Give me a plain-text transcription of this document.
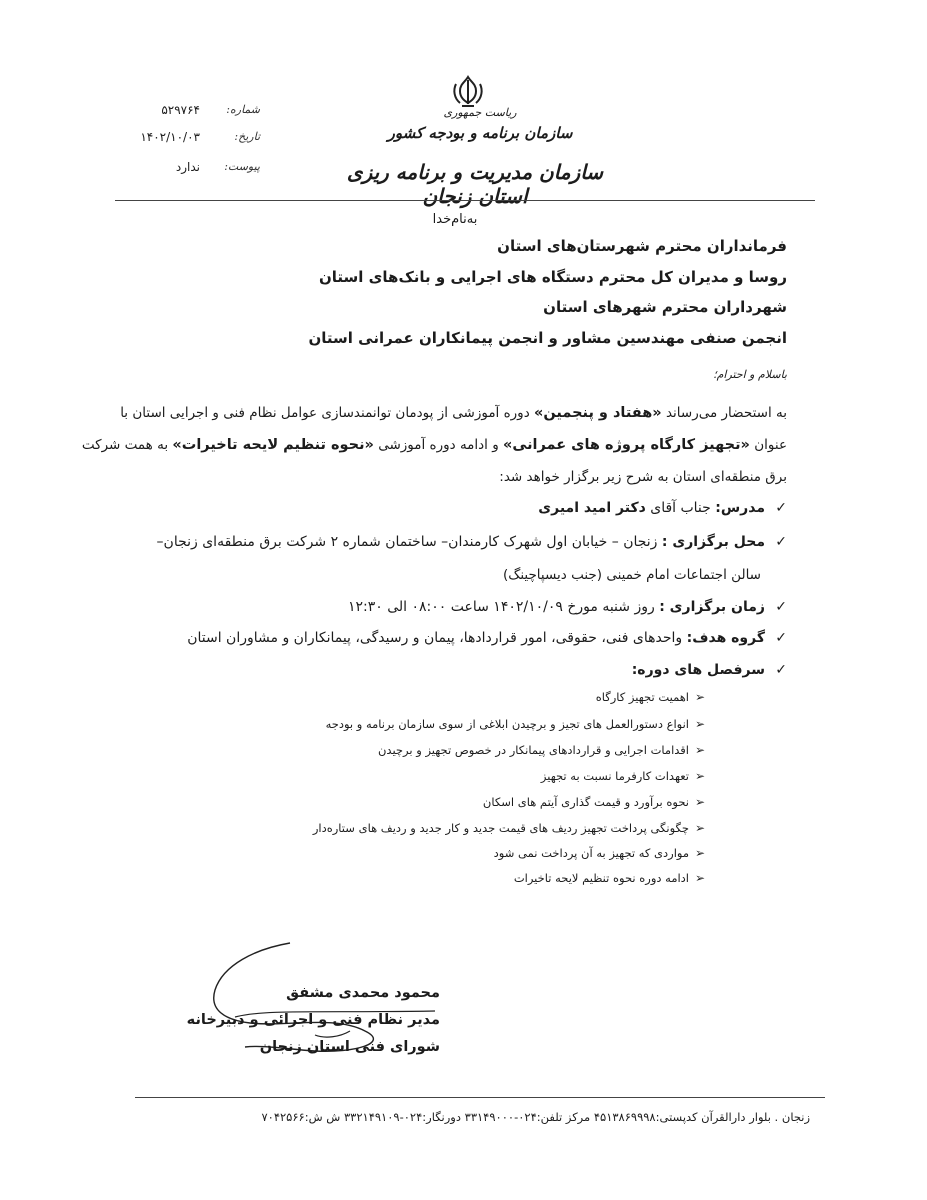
۵۲۹۷۶۴ شماره:
۱۴۰۲/۱۰/۰۳	تاریخ:
ندارد پیوست:
ریاست جمهوری
سازمان برنامه و بودجه کشور
سازمان مدیریت و برنامه ریزی استان زنجان
به‌نام‌خدا
فرمانداران محترم شهرستان‌های استان
روسا و مدیران کل محترم دستگاه های اجرایی و بانک‌های استان
شهرداران محترم شهرهای استان
انجمن صنفی مهندسین مشاور و انجمن پیمانکاران عمرانی استان
باسلام و احترام؛
به استحضار می‌رساند «هفتاد و پنجمین» دوره آموزشی از پودمان توانمندسازی عوامل نظام فنی و اجرایی استان با
عنوان «تجهیز کارگاه پروژه های عمرانی» و ادامه دوره آموزشی «نحوه تنظیم لایحه تاخیرات» به همت شرکت
برق منطقه‌ای استان به شرح زیر برگزار خواهد شد:
✓مدرس: جناب آقای دکتر امید امیری
✓محل برگزاری : زنجان – خیابان اول شهرک کارمندان– ساختمان شماره ۲ شرکت برق منطقه‌ای زنجان–
سالن اجتماعات امام خمینی (جنب دیسپاچینگ)
✓زمان برگزاری : روز شنبه مورخ ۱۴۰۲/۱۰/۰۹ ساعت ۰۸:۰۰ الی ۱۲:۳۰
✓گروه هدف: واحدهای فنی، حقوقی، امور قراردادها، پیمان و رسیدگی، پیمانکاران و مشاوران استان
✓سرفصل های دوره:
➢اهمیت تجهیز کارگاه
➢انواع دستورالعمل های تجیز و برچیدن ابلاغی از سوی سازمان برنامه و بودجه
➢اقدامات اجرایی و قراردادهای پیمانکار در خصوص تجهیز و برچیدن
➢تعهدات کارفرما نسبت به تجهیز
➢نحوه برآورد و قیمت گذاری آیتم های اسکان
➢چگونگی پرداخت تجهیز ردیف های قیمت جدید و کار جدید و ردیف های ستاره‌دار
➢مواردی که تجهیز به آن پرداخت نمی شود
➢ادامه دوره نحوه تنظیم لایحه تاخیرات
محمود محمدی مشفق
مدیر نظام فنی و اجرائی و دبیرخانه
شورای فنی استان زنجان
زنجان . بلوار دارالقرآن کدپستی:۴۵۱۳۸۶۹۹۹۸ مرکز تلفن:۰۲۴-۳۳۱۴۹۰۰۰ دورنگار:۰۲۴-۳۳۲۱۴۹۱۰۹ ش ش:۷۰۴۲۵۶۶
